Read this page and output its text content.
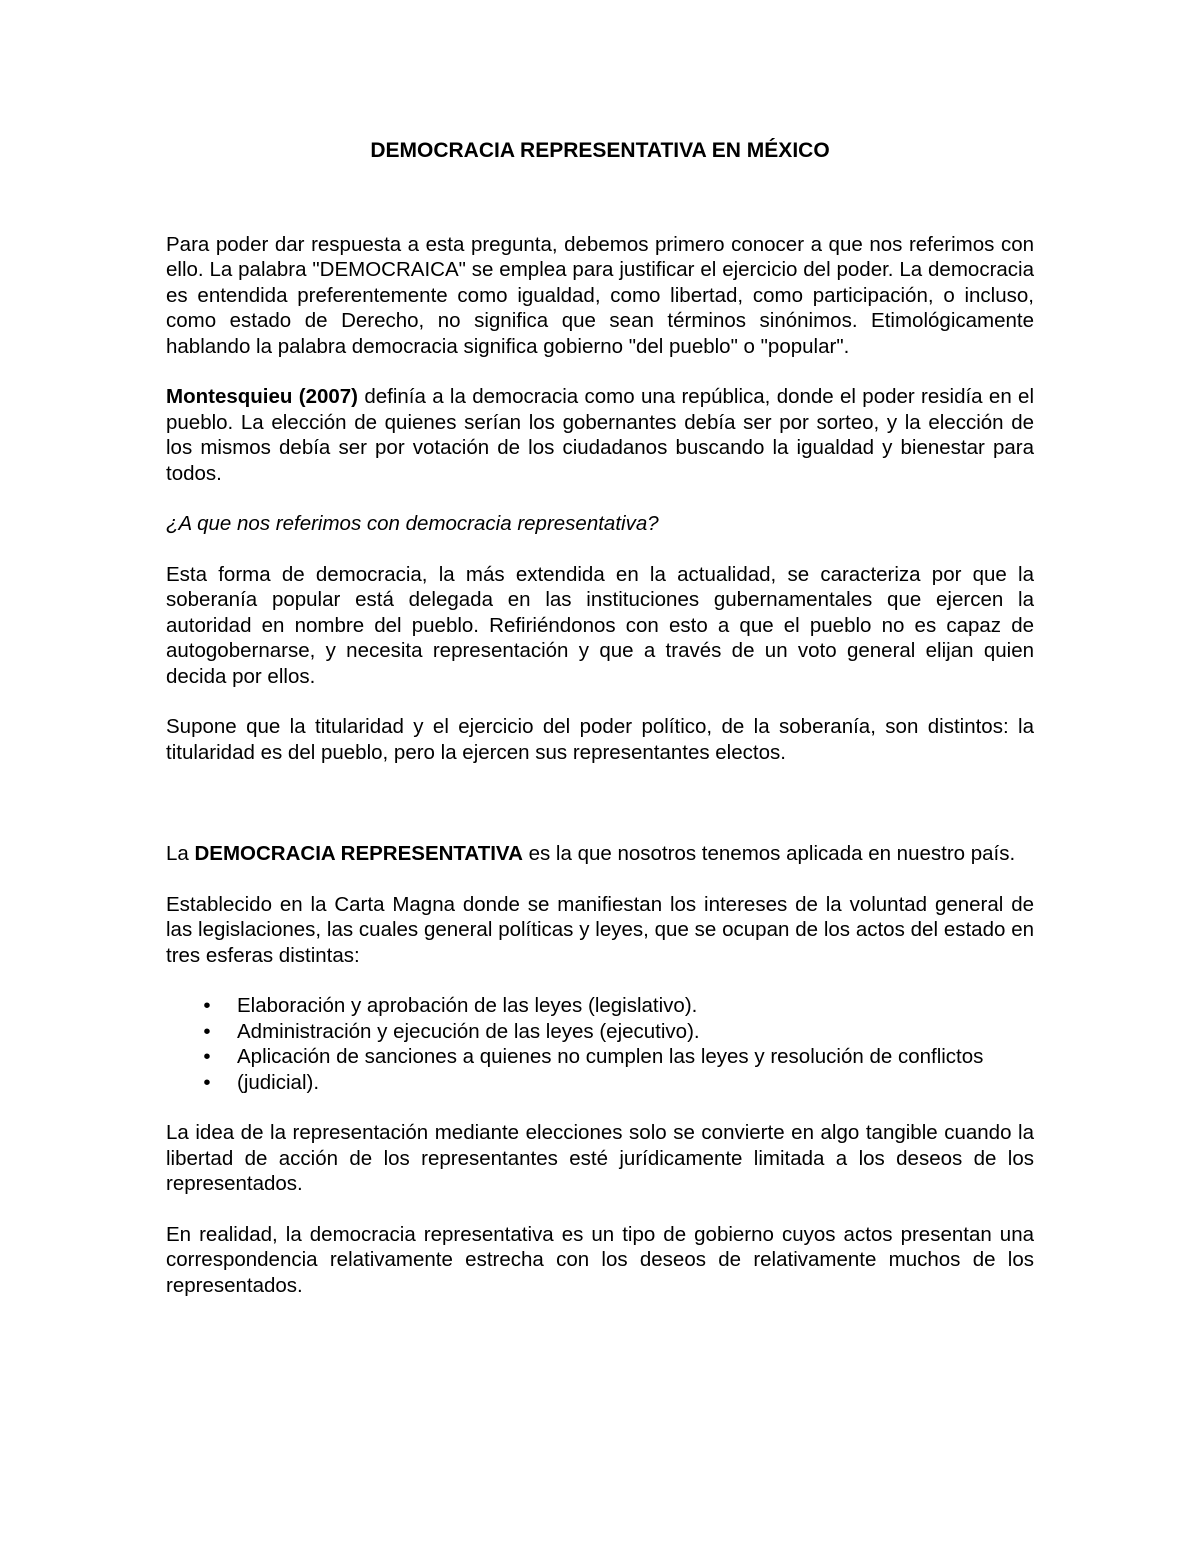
DEMOCRACIA REPRESENTATIVA EN MÉXICO

Para poder dar respuesta a esta pregunta, debemos primero conocer a que nos referimos con ello. La palabra "DEMOCRAICA" se emplea para justificar el ejercicio del poder. La democracia es entendida preferentemente como igualdad, como libertad, como participación, o incluso, como estado de Derecho, no significa que sean términos sinónimos. Etimológicamente hablando la palabra democracia significa gobierno "del pueblo" o "popular".

Montesquieu (2007) definía a la democracia como una república, donde el poder residía en el pueblo. La elección de quienes serían los gobernantes debía ser por sorteo, y la elección de los mismos debía ser por votación de los ciudadanos buscando la igualdad y bienestar para todos.

¿A que nos referimos con democracia representativa?

Esta forma de democracia, la más extendida en la actualidad, se caracteriza por que la soberanía popular está delegada en las instituciones gubernamentales que ejercen la autoridad en nombre del pueblo. Refiriéndonos con esto a que el pueblo no es capaz de autogobernarse, y necesita representación y que a través de un voto general elijan quien decida por ellos.

Supone que la titularidad y el ejercicio del poder político, de la soberanía, son distintos: la titularidad es del pueblo, pero la ejercen sus representantes electos.

La DEMOCRACIA REPRESENTATIVA es la que nosotros tenemos aplicada en nuestro país.

Establecido en la Carta Magna donde se manifiestan los intereses de la voluntad general de las legislaciones, las cuales general políticas y leyes, que se ocupan de los actos del estado en tres esferas distintas:

• Elaboración y aprobación de las leyes (legislativo).
• Administración y ejecución de las leyes (ejecutivo).
• Aplicación de sanciones a quienes no cumplen las leyes y resolución de conflictos
• (judicial).

La idea de la representación mediante elecciones solo se convierte en algo tangible cuando la libertad de acción de los representantes esté jurídicamente limitada a los deseos de los representados.

En realidad, la democracia representativa es un tipo de gobierno cuyos actos presentan una correspondencia relativamente estrecha con los deseos de relativamente muchos de los representados.
